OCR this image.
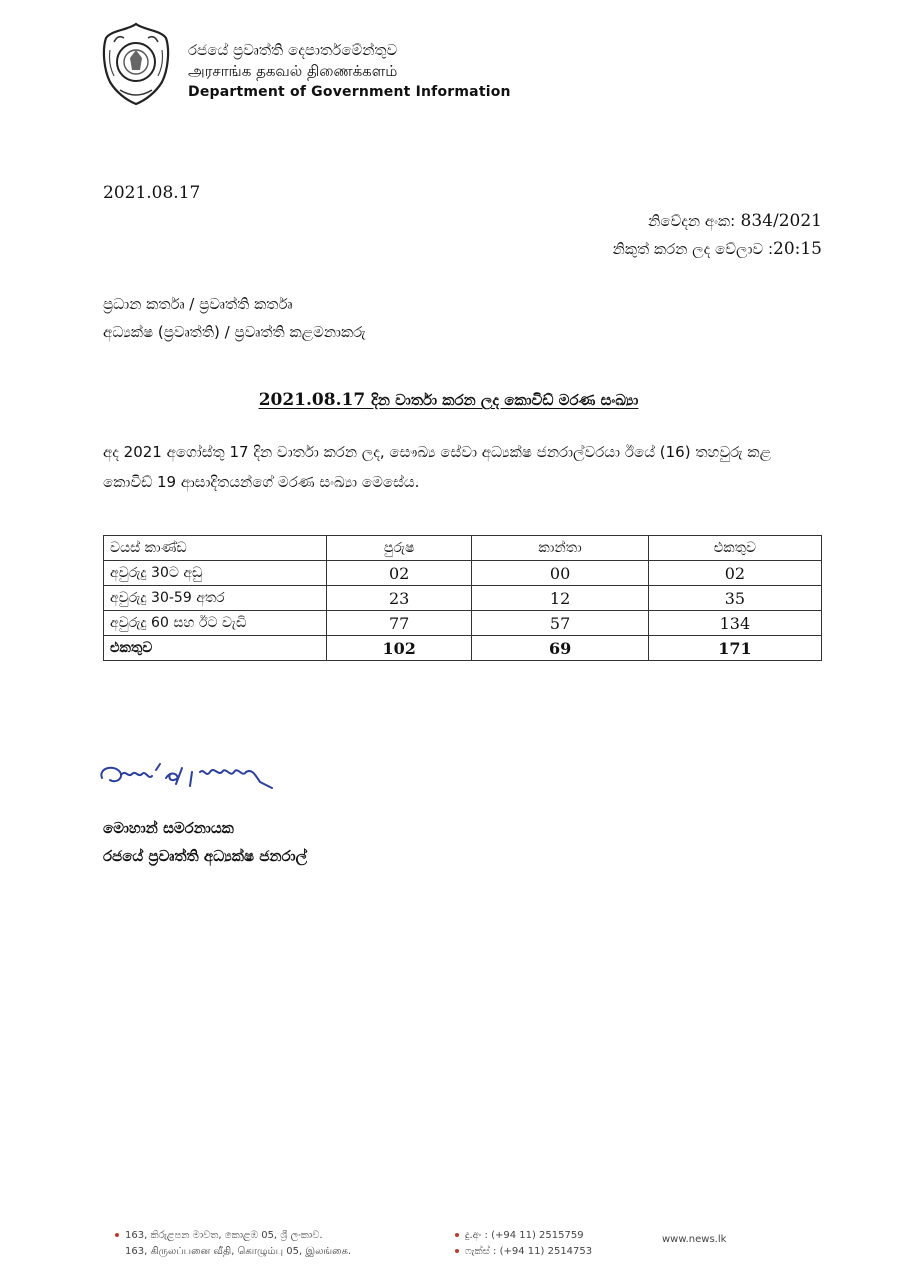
රජයේ ප්‍රවෘත්ති දෙපාර්තමේන්තුව
அரசாங்க தகவல் திணைக்களம்
Department of Government Information
2021.08.17
නිවේදන අංක: 834/2021
නිකුත් කරන ලද වේලාව :20:15
ප්‍රධාන කර්තෘ / ප්‍රවෘත්ති කර්තෘ
අධ්‍යක්ෂ (ප්‍රවෘත්ති) / ප්‍රවෘත්ති කළමනාකරු
2021.08.17 දින වාර්තා කරන ලද කොවිඩ් මරණ සංඛ්‍යා
අද 2021 අගෝස්තු 17 දින වාර්තා කරන ලද, සෞඛ්‍ය සේවා අධ්‍යක්ෂ ජනරාල්වරයා ඊයේ (16) තහවුරු කළ කොවිඩ් 19 ආසාදිතයන්ගේ මරණ සංඛ්‍යා මෙසේය.
වයස් කාණ්ඩ	පුරුෂ	කාන්තා	එකතුව
අවුරුදු 30ට අඩු	02	00	02
අවුරුදු 30-59 අතර	23	12	35
අවුරුදු 60 සහ ඊට වැඩි	77	57	134
එකතුව	102	69	171
මොහාන් සමරනායක
රජයේ ප්‍රවෘත්ති අධ්‍යක්ෂ ජනරාල්
163, කිරුළපන මාවත, කොළඹ 05, ශ්‍රී ලංකාව.
163, கிருலப்பனை வீதி, கொழும்பு 05, இலங்கை.
දු.අං : (+94 11) 2515759
ෆැක්ස් : (+94 11) 2514753
www.news.lk
